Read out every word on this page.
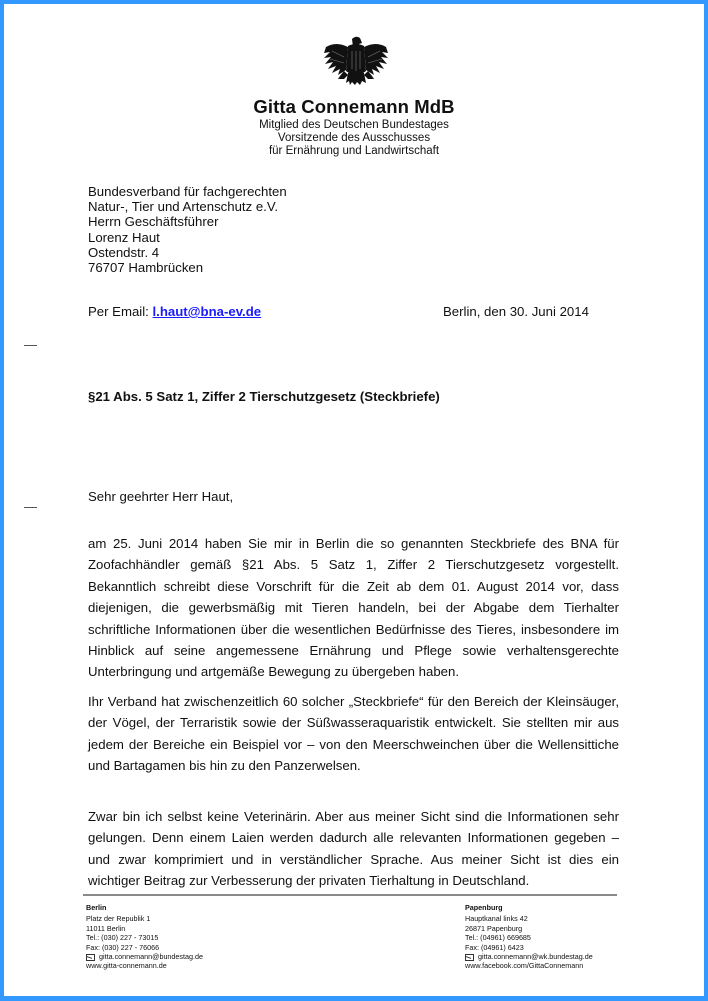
Gitta Connemann MdB
Mitglied des Deutschen Bundestages
Vorsitzende des Ausschusses
für Ernährung und Landwirtschaft
Bundesverband für fachgerechten
Natur-, Tier und Artenschutz e.V.
Herrn Geschäftsführer
Lorenz Haut
Ostendstr. 4
76707 Hambrücken
Per Email: l.haut@bna-ev.de	Berlin, den 30. Juni 2014
§21 Abs. 5 Satz 1, Ziffer 2 Tierschutzgesetz (Steckbriefe)
Sehr geehrter Herr Haut,
am 25. Juni 2014 haben Sie mir in Berlin die so genannten Steckbriefe des BNA für Zoofachhändler gemäß §21 Abs. 5 Satz 1, Ziffer 2 Tierschutzgesetz vorgestellt. Bekanntlich schreibt diese Vorschrift für die Zeit ab dem 01. August 2014 vor, dass diejenigen, die gewerbsmäßig mit Tieren handeln, bei der Abgabe dem Tierhalter schriftliche Informationen über die wesentlichen Bedürfnisse des Tieres, insbesondere im Hinblick auf seine angemessene Ernährung und Pflege sowie verhaltensgerechte Unterbringung und artgemäße Bewegung zu übergeben haben.
Ihr Verband hat zwischenzeitlich 60 solcher „Steckbriefe“ für den Bereich der Kleinsäuger, der Vögel, der Terraristik sowie der Süßwasseraquaristik entwickelt. Sie stellten mir aus jedem der Bereiche ein Beispiel vor – von den Meerschweinchen über die Wellensittiche und Bartagamen bis hin zu den Panzerwelsen.
Zwar bin ich selbst keine Veterinärin. Aber aus meiner Sicht sind die Informationen sehr gelungen. Denn einem Laien werden dadurch alle relevanten Informationen gegeben – und zwar komprimiert und in verständlicher Sprache. Aus meiner Sicht ist dies ein wichtiger Beitrag zur Verbesserung der privaten Tierhaltung in Deutschland.
Berlin
Platz der Republik 1
11011 Berlin
Tel.: (030) 227 - 73015
Fax: (030) 227 - 76066
gitta.connemann@bundestag.de
www.gitta-connemann.de
Papenburg
Hauptkanal links 42
26871 Papenburg
Tel.: (04961) 669685
Fax: (04961) 6423
gitta.connemann@wk.bundestag.de
www.facebook.com/GittaConnemann
